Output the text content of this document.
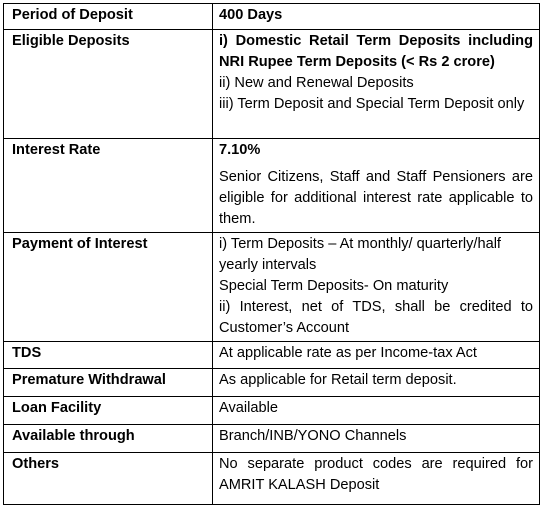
Period of Deposit	400 Days
Eligible Deposits	i) Domestic Retail Term Deposits including NRI Rupee Term Deposits (< Rs 2 crore)
ii) New and Renewal Deposits
iii) Term Deposit and Special Term Deposit only

Interest Rate	7.10%
Senior Citizens, Staff and Staff Pensioners are eligible for additional interest rate applicable to them.

Payment of Interest	i) Term Deposits – At monthly/ quarterly/half yearly intervals
Special Term Deposits- On maturity
ii) Interest, net of TDS, shall be credited to Customer’s Account

TDS	At applicable rate as per Income-tax Act
Premature Withdrawal	As applicable for Retail term deposit.
Loan Facility	Available
Available through	Branch/INB/YONO Channels
Others	No separate product codes are required for AMRIT KALASH Deposit
